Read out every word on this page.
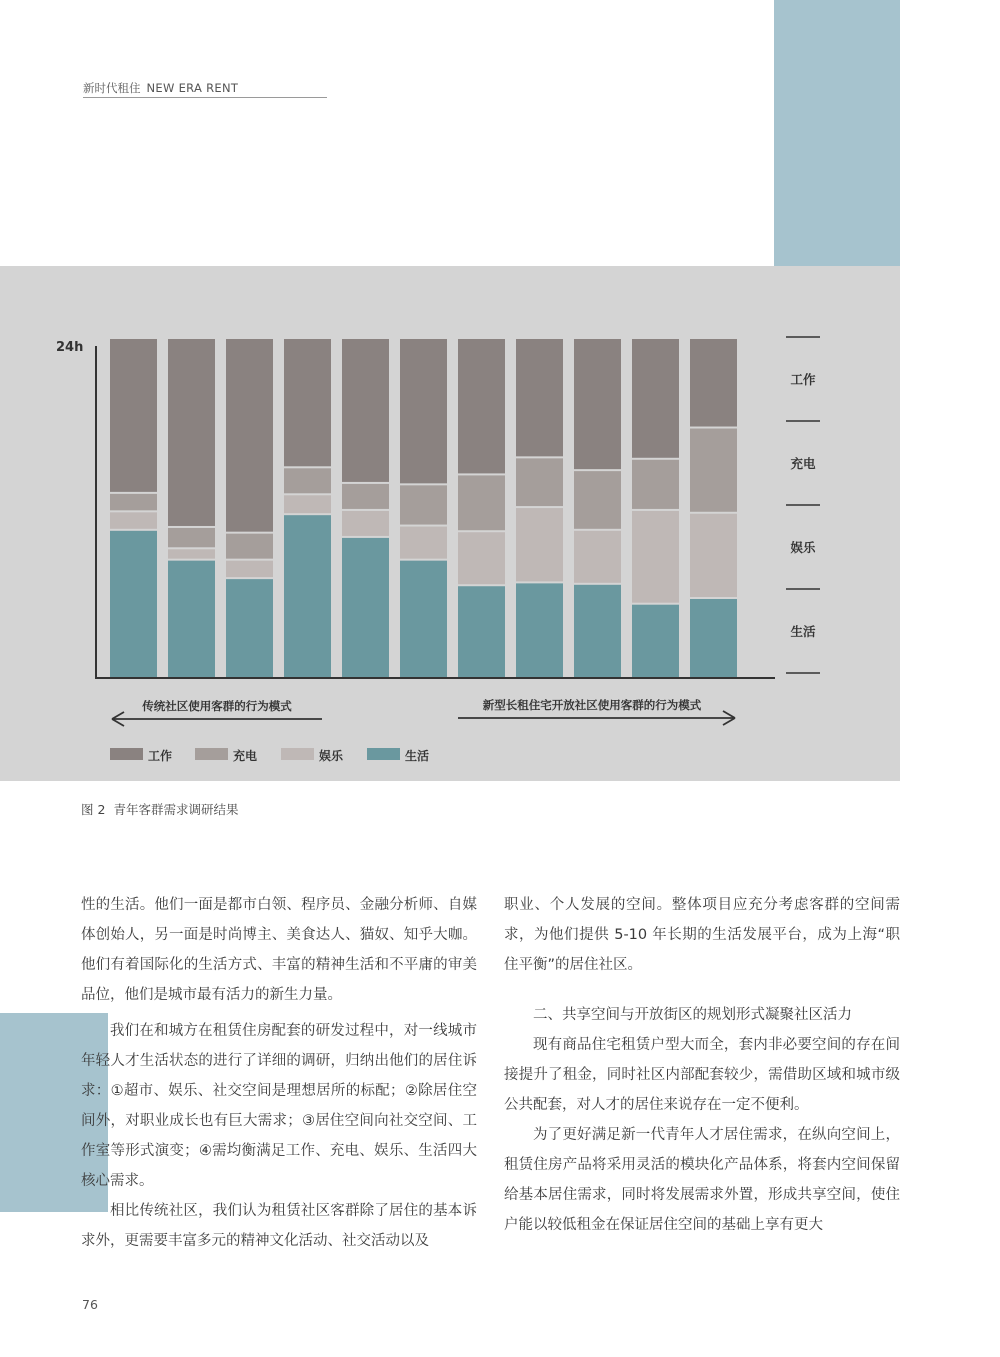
新时代租住 NEW ERA RENT
24h
工作
充电
娱乐
生活
传统社区使用客群的行为模式	新型长租住宅开放社区使用客群的行为模式
工作	充电	娱乐	生活
图 2 青年客群需求调研结果

性的生活。他们一面是都市白领、程序员、金融分析师、自媒体创始人，另一面是时尚博主、美食达人、猫奴、知乎大咖。他们有着国际化的生活方式、丰富的精神生活和不平庸的审美品位，他们是城市最有活力的新生力量。

我们在和城方在租赁住房配套的研发过程中，对一线城市年轻人才生活状态的进行了详细的调研，归纳出他们的居住诉求：①超市、娱乐、社交空间是理想居所的标配；②除居住空间外，对职业成长也有巨大需求；③居住空间向社交空间、工作室等形式演变；④需均衡满足工作、充电、娱乐、生活四大核心需求。

相比传统社区，我们认为租赁社区客群除了居住的基本诉求外，更需要丰富多元的精神文化活动、社交活动以及

职业、个人发展的空间。整体项目应充分考虑客群的空间需求，为他们提供 5-10 年长期的生活发展平台，成为上海“职住平衡”的居住社区。

二、共享空间与开放街区的规划形式凝聚社区活力

现有商品住宅租赁户型大而全，套内非必要空间的存在间接提升了租金，同时社区内部配套较少，需借助区域和城市级公共配套，对人才的居住来说存在一定不便利。

为了更好满足新一代青年人才居住需求，在纵向空间上，租赁住房产品将采用灵活的模块化产品体系，将套内空间保留给基本居住需求，同时将发展需求外置，形成共享空间，使住户能以较低租金在保证居住空间的基础上享有更大

76
